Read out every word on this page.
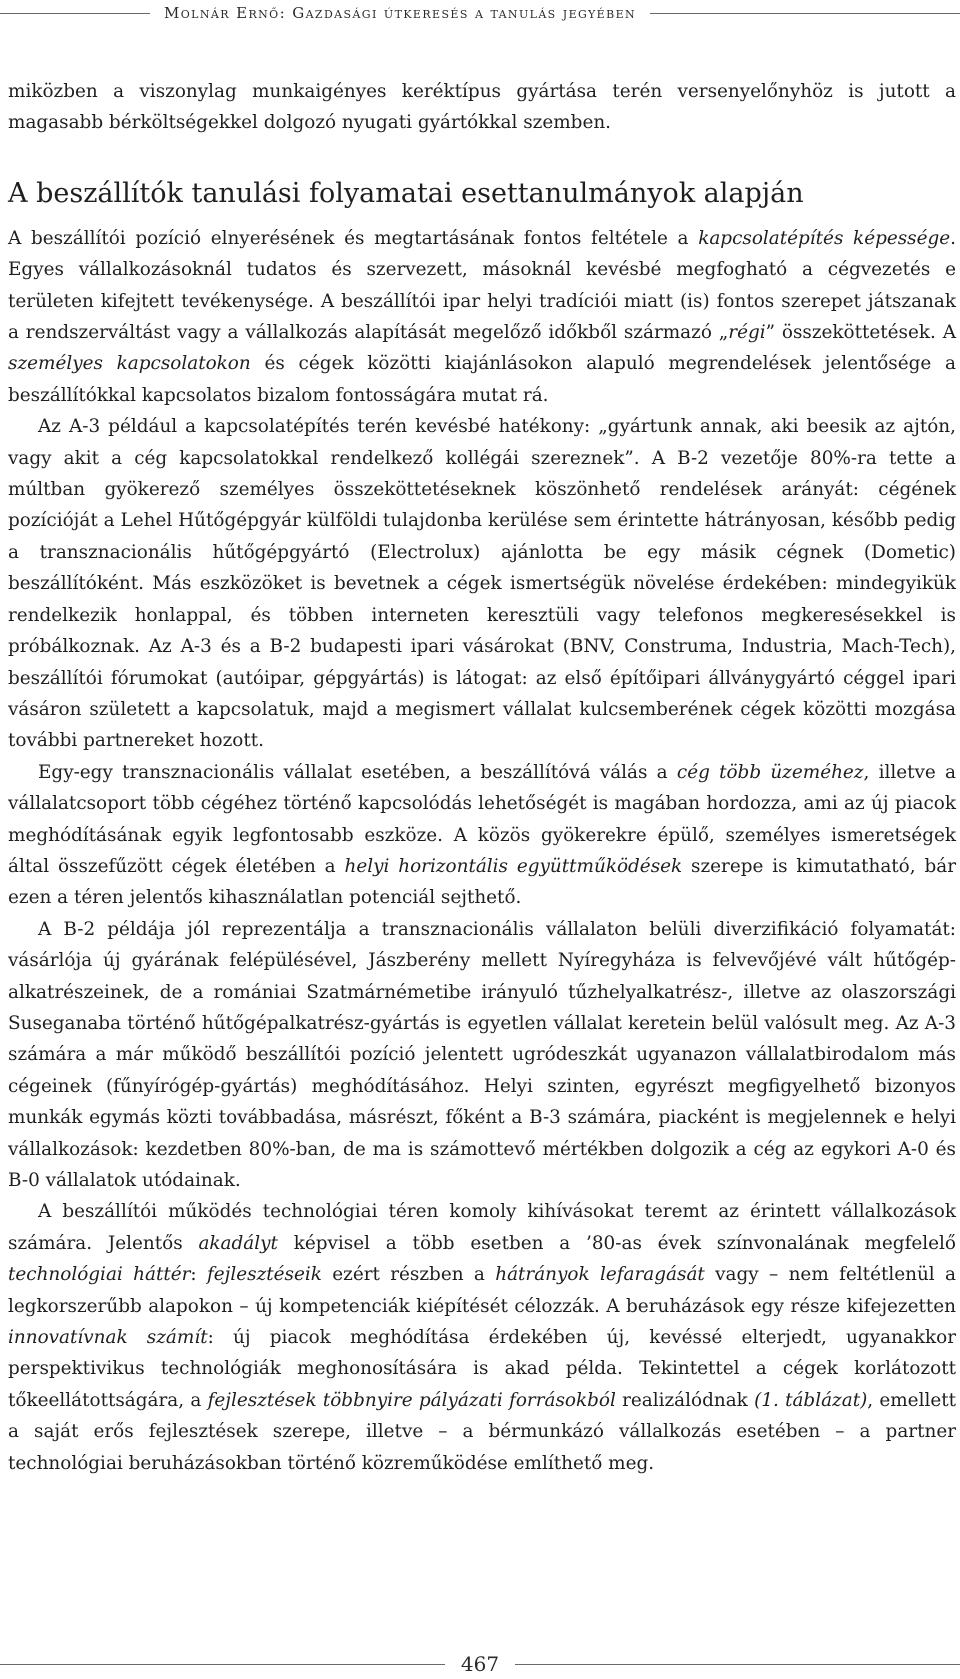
Molnár Ernő: Gazdasági útkeresés a tanulás jegyében

miközben a viszonylag munkaigényes keréktípus gyártása terén versenyelőnyhöz is jutott a magasabb bérköltségekkel dolgozó nyugati gyártókkal szemben.

A beszállítók tanulási folyamatai esettanulmányok alapján

A beszállítói pozíció elnyerésének és megtartásának fontos feltétele a kapcsolatépítés képessége. Egyes vállalkozásoknál tudatos és szervezett, másoknál kevésbé megfogható a cégvezetés e területen kifejtett tevékenysége. A beszállítói ipar helyi tradíciói miatt (is) fontos szerepet játszanak a rendszerváltást vagy a vállalkozás alapítását megelőző időkből származó „régi” összeköttetések. A személyes kapcsolatokon és cégek közötti kiajánlásokon alapuló megrendelések jelentősége a beszállítókkal kapcsolatos bizalom fontosságára mutat rá.

Az A-3 például a kapcsolatépítés terén kevésbé hatékony: „gyártunk annak, aki beesik az ajtón, vagy akit a cég kapcsolatokkal rendelkező kollégái szereznek”. A B-2 vezetője 80%-ra tette a múltban gyökerező személyes összeköttetéseknek köszönhető rendelések arányát: cégének pozícióját a Lehel Hűtőgépgyár külföldi tulajdonba kerülése sem érintette hátrányosan, később pedig a transznacionális hűtőgépgyártó (Electrolux) ajánlotta be egy másik cégnek (Dometic) beszállítóként. Más eszközöket is bevetnek a cégek ismertségük növelése érdekében: mindegyikük rendelkezik honlappal, és többen interneten keresztüli vagy telefonos megkeresésekkel is próbálkoznak. Az A-3 és a B-2 budapesti ipari vásárokat (BNV, Construma, Industria, Mach-Tech), beszállítói fórumokat (autóipar, gépgyártás) is látogat: az első építőipari állványgyártó céggel ipari vásáron született a kapcsolatuk, majd a megismert vállalat kulcsemberének cégek közötti mozgása további partnereket hozott.

Egy-egy transznacionális vállalat esetében, a beszállítóvá válás a cég több üzeméhez, illetve a vállalatcsoport több cégéhez történő kapcsolódás lehetőségét is magában hordozza, ami az új piacok meghódításának egyik legfontosabb eszköze. A közös gyökerekre épülő, személyes ismeretségek által összefűzött cégek életében a helyi horizontális együttműködések szerepe is kimutatható, bár ezen a téren jelentős kihasználatlan potenciál sejthető.

A B-2 példája jól reprezentálja a transznacionális vállalaton belüli diverzifikáció folyamatát: vásárlója új gyárának felépülésével, Jászberény mellett Nyíregyháza is felvevőjévé vált hűtőgép-alkatrészeinek, de a romániai Szatmárnémetibe irányuló tűzhelyalkatrész-, illetve az olaszországi Suseganaba történő hűtőgépalkatrész-gyártás is egyetlen vállalat keretein belül valósult meg. Az A-3 számára a már működő beszállítói pozíció jelentett ugródeszkát ugyanazon vállalatbirodalom más cégeinek (fűnyírógép-gyártás) meghódításához. Helyi szinten, egyrészt megfigyelhető bizonyos munkák egymás közti továbbadása, másrészt, főként a B-3 számára, piacként is megjelennek e helyi vállalkozások: kezdetben 80%-ban, de ma is számottevő mértékben dolgozik a cég az egykori A-0 és B-0 vállalatok utódainak.

A beszállítói működés technológiai téren komoly kihívásokat teremt az érintett vállalkozások számára. Jelentős akadályt képvisel a több esetben a ’80-as évek színvonalának megfelelő technológiai háttér: fejlesztéseik ezért részben a hátrányok lefaragását vagy – nem feltétlenül a legkorszerűbb alapokon – új kompetenciák kiépítését célozzák. A beruházások egy része kifejezetten innovatívnak számít: új piacok meghódítása érdekében új, kevéssé elterjedt, ugyanakkor perspektivikus technológiák meghonosítására is akad példa. Tekintettel a cégek korlátozott tőkeellátottságára, a fejlesztések többnyire pályázati forrásokból realizálódnak (1. táblázat), emellett a saját erős fejlesztések szerepe, illetve – a bérmunkázó vállalkozás esetében – a partner technológiai beruházásokban történő közreműködése említhető meg.

467
